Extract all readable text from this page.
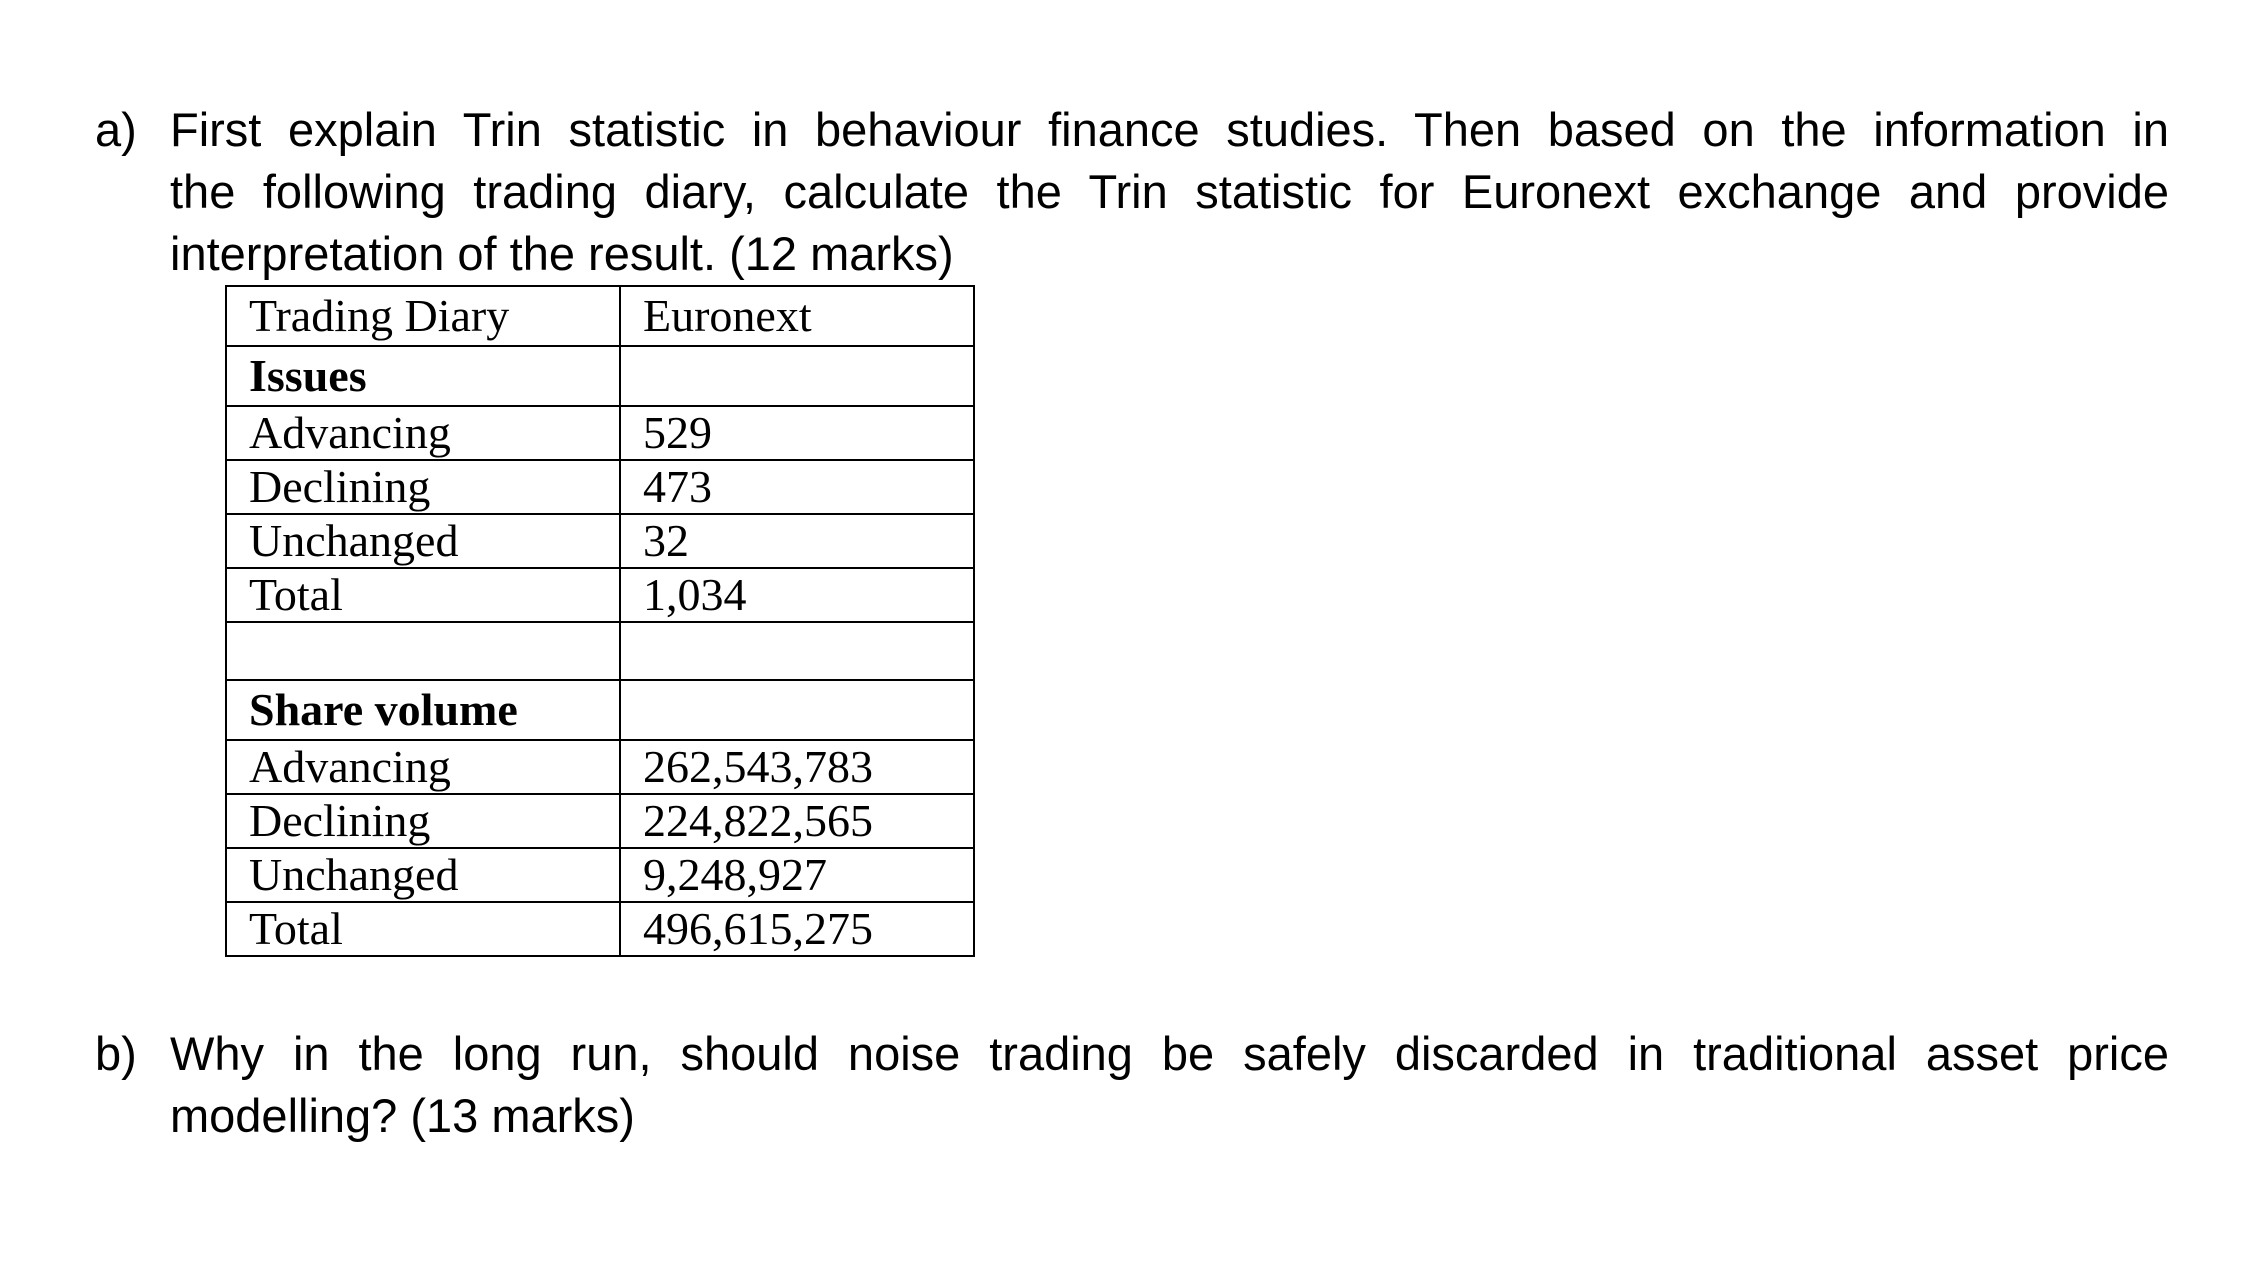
a) First explain Trin statistic in behaviour finance studies. Then based on the information in
the following trading diary, calculate the Trin statistic for Euronext exchange and provide
interpretation of the result. (12 marks)
Trading Diary	Euronext
Issues	
Advancing	529
Declining	473
Unchanged	32
Total	1,034

Share volume	
Advancing	262,543,783
Declining	224,822,565
Unchanged	9,248,927
Total	496,615,275
b) Why in the long run, should noise trading be safely discarded in traditional asset price
modelling? (13 marks)
